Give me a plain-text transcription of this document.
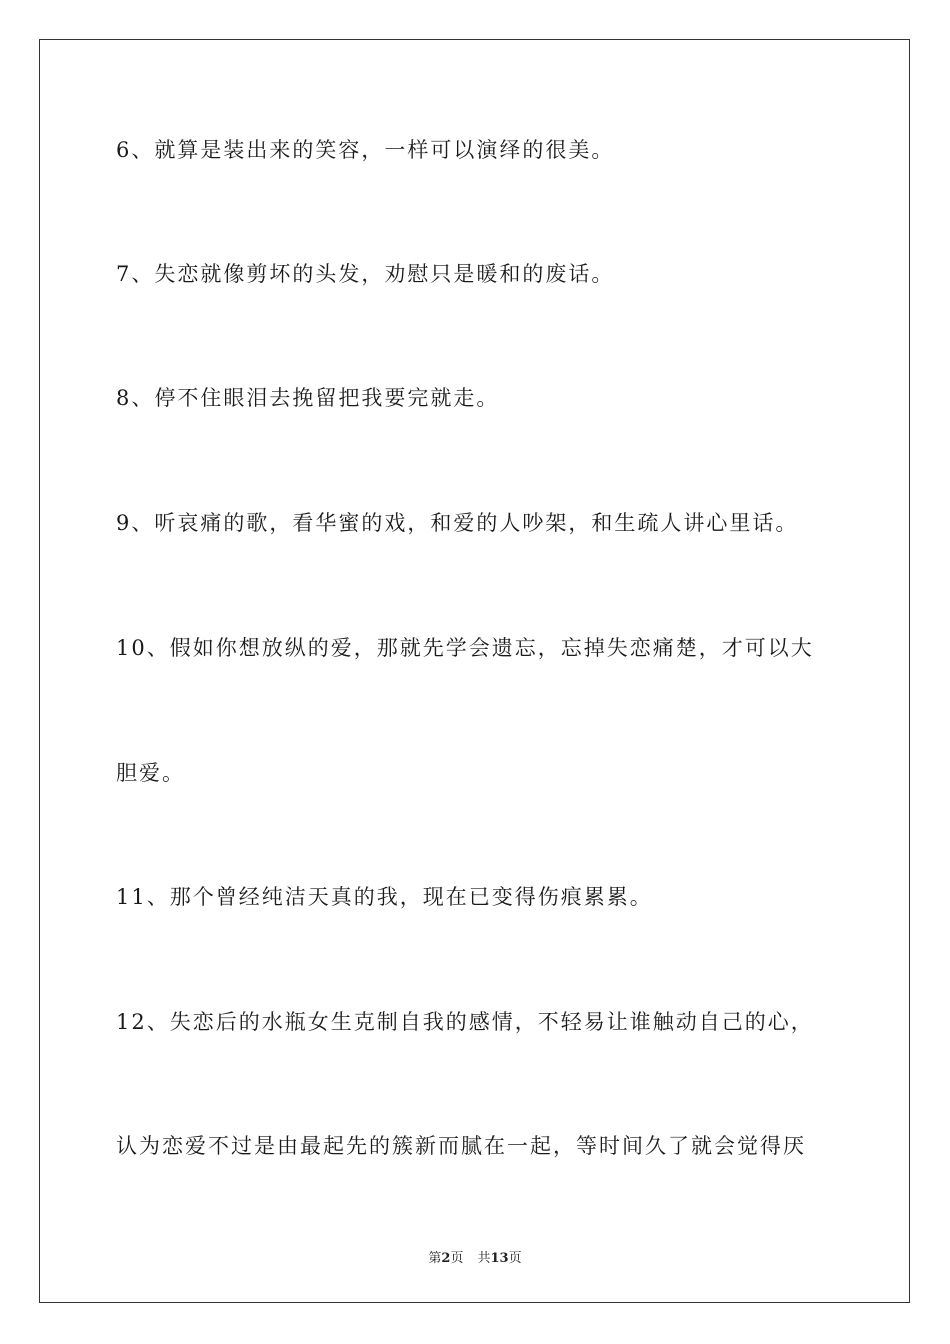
6、就算是装出来的笑容，一样可以演绎的很美。
7、失恋就像剪坏的头发，劝慰只是暖和的废话。
8、停不住眼泪去挽留把我要完就走。
9、听哀痛的歌，看华蜜的戏，和爱的人吵架，和生疏人讲心里话。
10、假如你想放纵的爱，那就先学会遗忘，忘掉失恋痛楚，才可以大
胆爱。
11、那个曾经纯洁天真的我，现在已变得伤痕累累。
12、失恋后的水瓶女生克制自我的感情，不轻易让谁触动自己的心，
认为恋爱不过是由最起先的簇新而腻在一起，等时间久了就会觉得厌
第2页 共13页
